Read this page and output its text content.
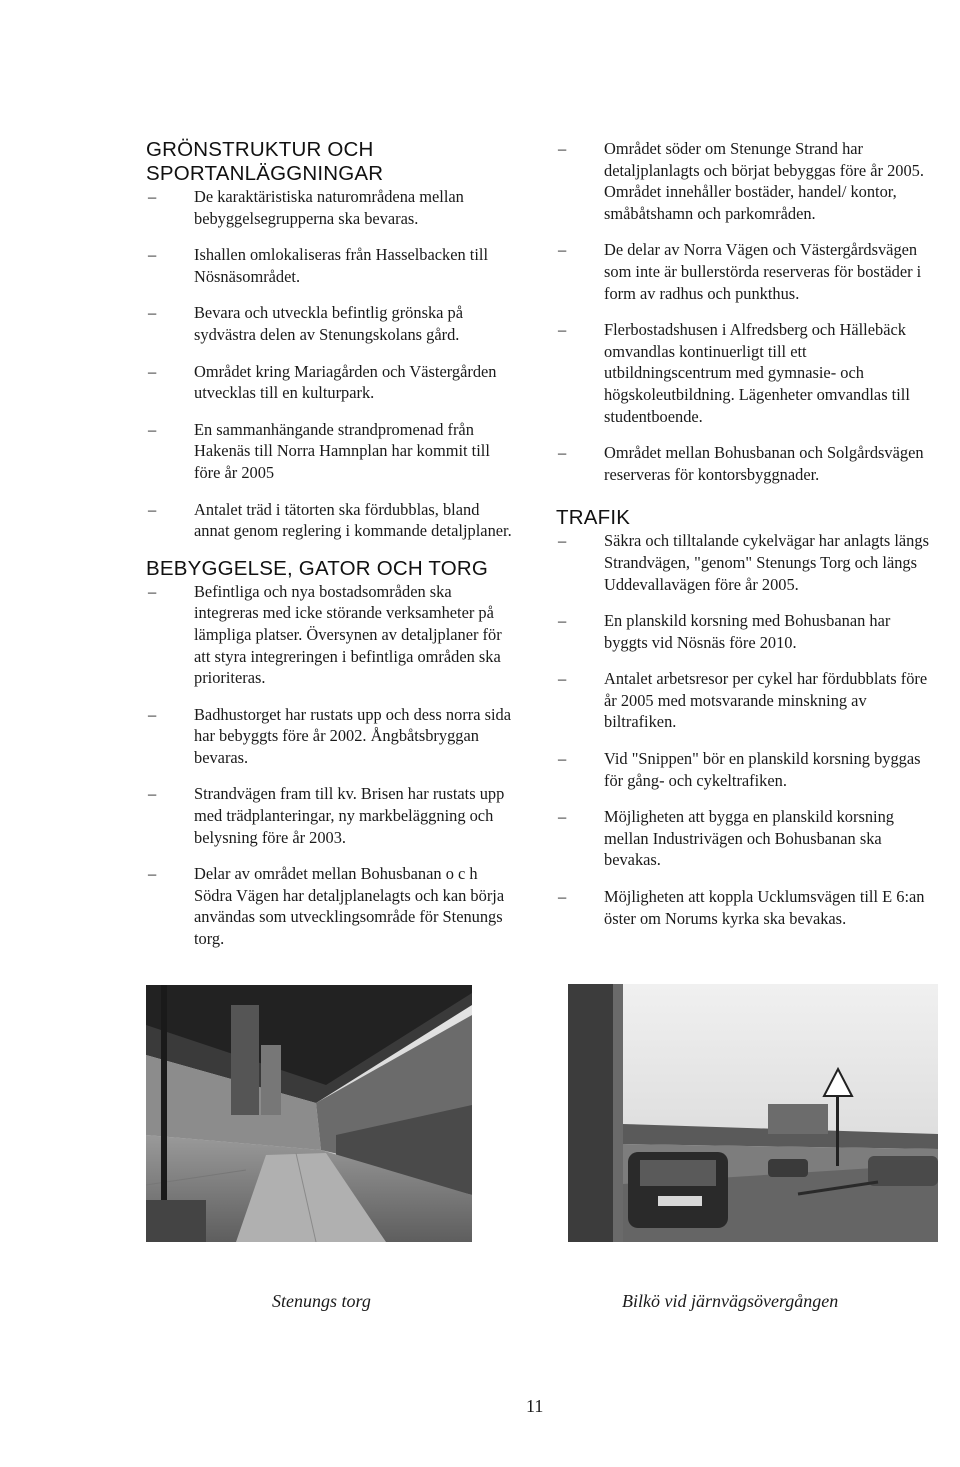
GRÖNSTRUKTUR OCH
SPORTANLÄGGNINGAR
– De karaktäristiska naturområdena mellan bebyggelsegrupperna ska bevaras.
– Ishallen omlokaliseras från Hasselbacken till Nösnäsområdet.
– Bevara och utveckla befintlig grönska på sydvästra delen av Stenungskolans gård.
– Området kring Mariagården och Västergården utvecklas till en kulturpark.
– En sammanhängande strandpromenad från Hakenäs till Norra Hamnplan har kommit till före år 2005
– Antalet träd i tätorten ska fördubblas, bland annat genom reglering i kommande detaljplaner.
BEBYGGELSE, GATOR OCH TORG
– Befintliga och nya bostadsområden ska integreras med icke störande verksamheter på lämpliga platser. Översynen av detaljplaner för att styra integreringen i befintliga områden ska prioriteras.
– Badhustorget har rustats upp och dess norra sida har bebyggts före år 2002. Ångbåtsbryggan bevaras.
– Strandvägen fram till kv. Brisen har rustats upp med trädplanteringar, ny markbeläggning och belysning före år 2003.
– Delar av området mellan Bohusbanan o c h Södra Vägen har detaljplanelagts och kan börja användas som utvecklingsområde för Stenungs torg.
– Området söder om Stenunge Strand har detaljplanlagts och börjat bebyggas före år 2005. Området innehåller bostäder, handel/ kontor, småbåtshamn och parkområden.
– De delar av Norra Vägen och Västergårdsvägen som inte är bullerstörda reserveras för bostäder i form av radhus och punkthus.
– Flerbostadshusen i Alfredsberg och Hällebäck omvandlas kontinuerligt till ett utbildningscentrum med gymnasie- och högskoleutbildning. Lägenheter omvandlas till studentboende.
– Området mellan Bohusbanan och Solgårdsvägen reserveras för kontorsbyggnader.
TRAFIK
– Säkra och tilltalande cykelvägar har anlagts längs Strandvägen, "genom" Stenungs Torg och längs Uddevallavägen före år 2005.
– En planskild korsning med Bohusbanan har byggts vid Nösnäs före 2010.
– Antalet arbetsresor per cykel har fördubblats före år 2005 med motsvarande minskning av biltrafiken.
– Vid "Snippen" bör en planskild korsning byggas för gång- och cykeltrafiken.
– Möjligheten att bygga en planskild korsning mellan Industrivägen och Bohusbanan ska bevakas.
– Möjligheten att koppla Ucklumsvägen till E 6:an öster om Norums kyrka ska bevakas.
Stenungs torg	Bilkö vid järnvägsövergången
11
